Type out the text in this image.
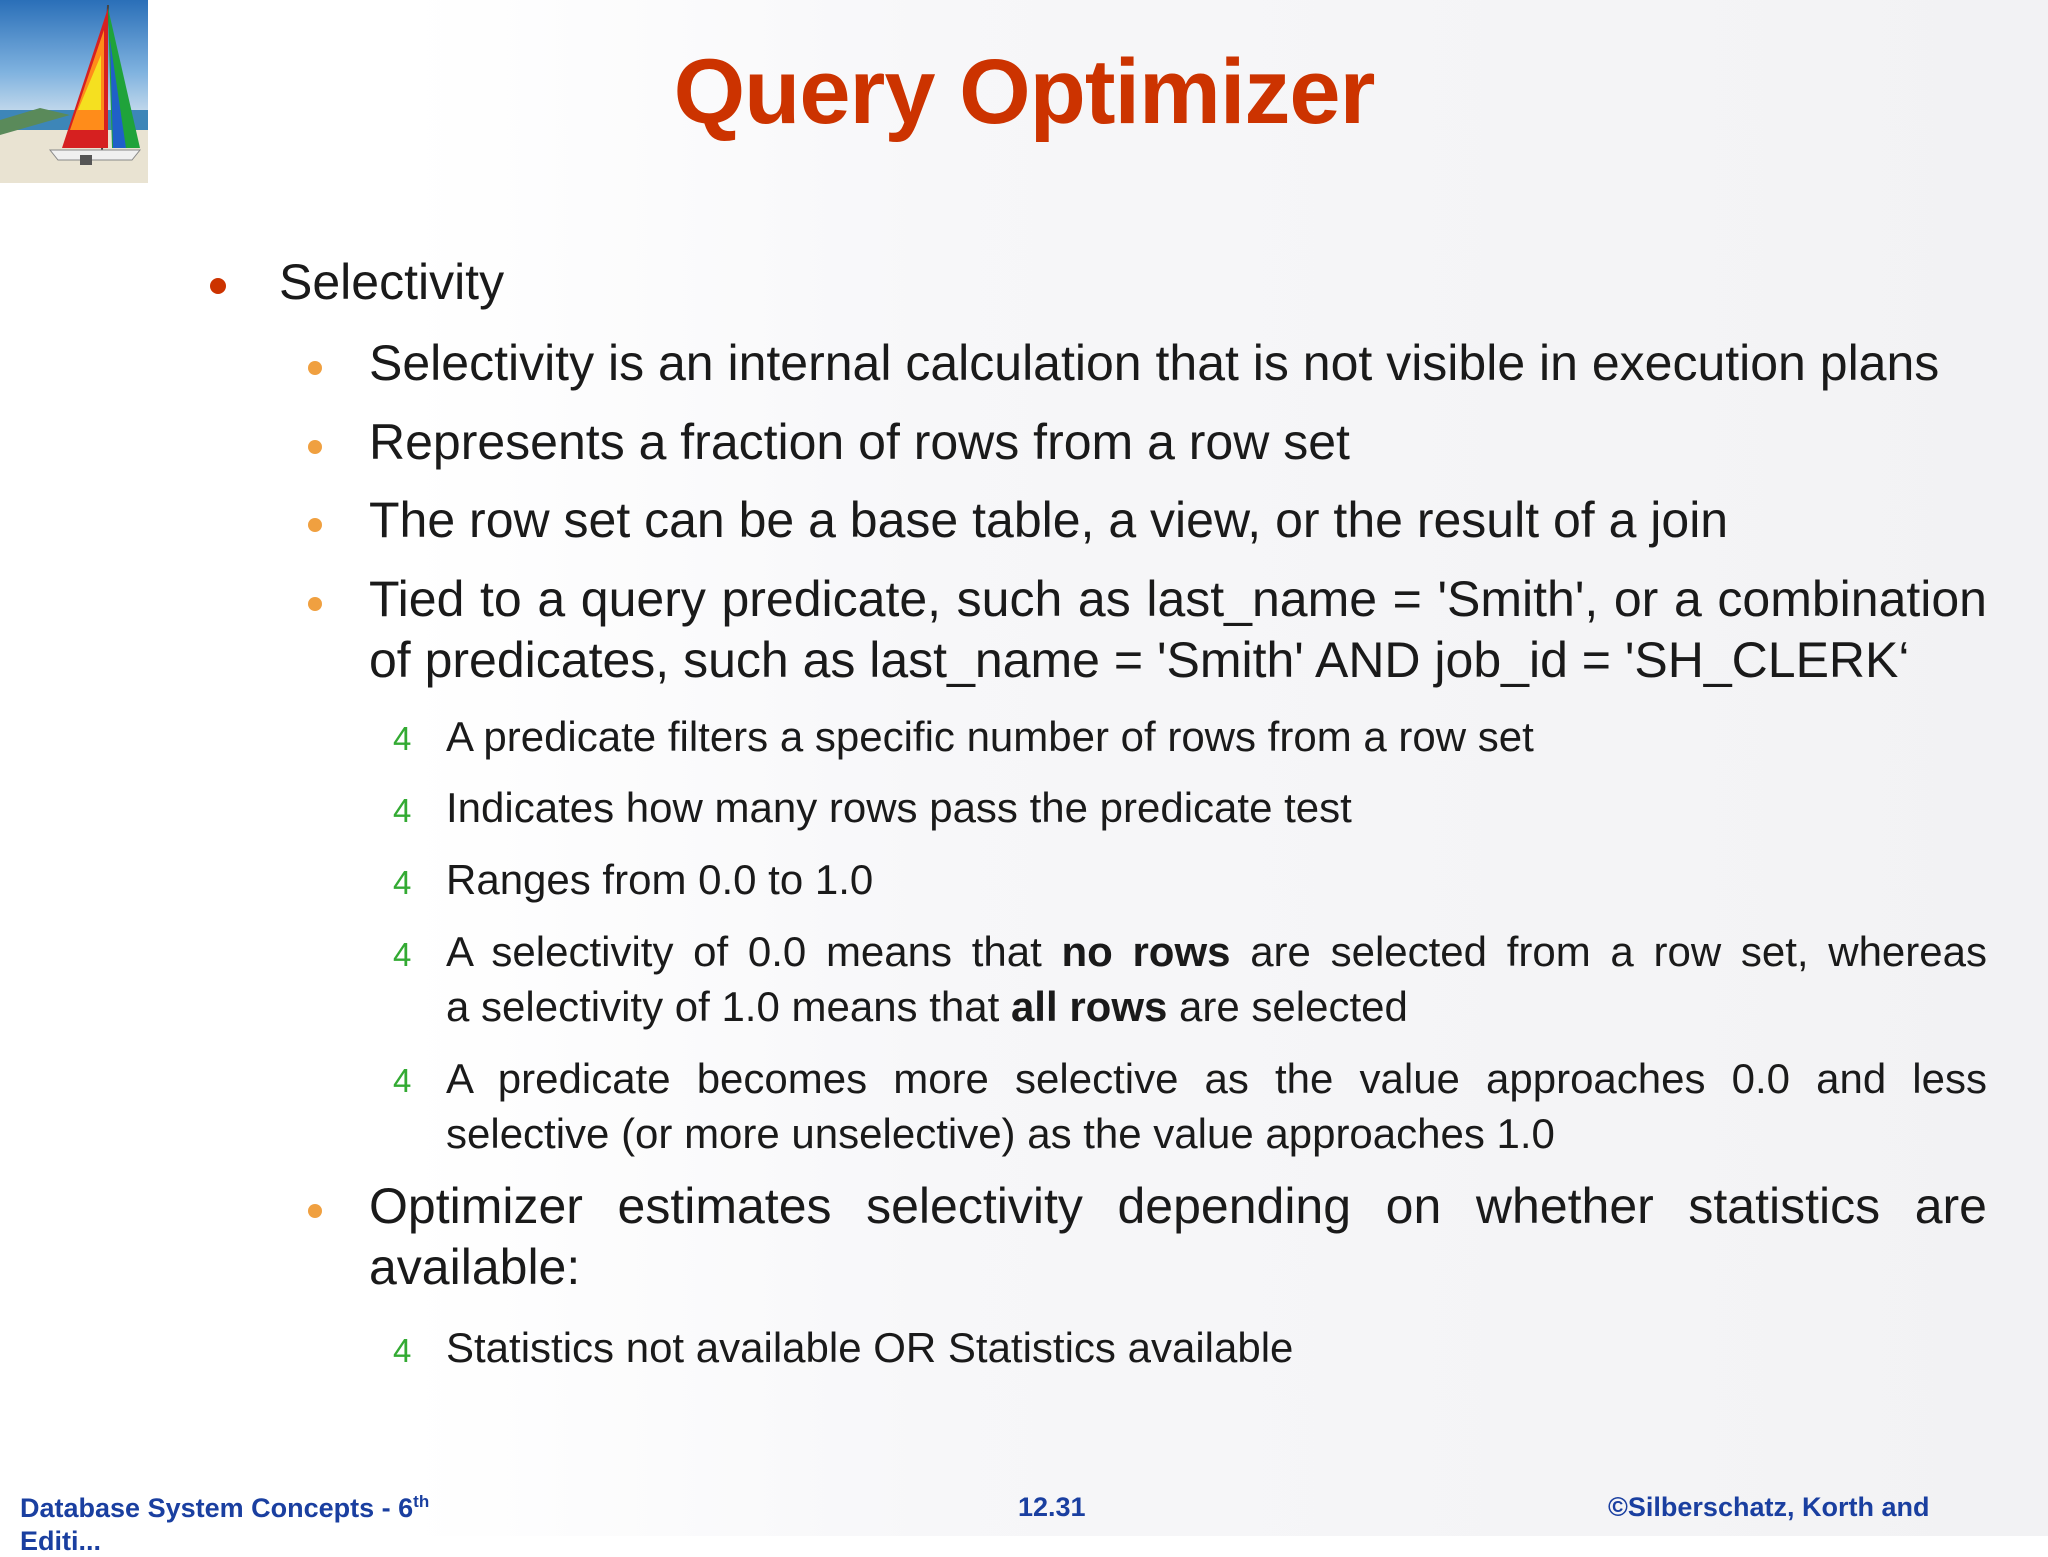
Query Optimizer
Selectivity
Selectivity is an internal calculation that is not visible in execution plans
Represents a fraction of rows from a row set
The row set can be a base table, a view, or the result of a join
Tied to a query predicate, such as last_name = 'Smith', or a combination
of predicates, such as last_name = 'Smith' AND job_id = 'SH_CLERK‘
4 A predicate filters a specific number of rows from a row set
4 Indicates how many rows pass the predicate test
4 Ranges from 0.0 to 1.0
4 A selectivity of 0.0 means that no rows are selected from a row set, whereas
a selectivity of 1.0 means that all rows are selected
4 A predicate becomes more selective as the value approaches 0.0 and less
selective (or more unselective) as the value approaches 1.0
Optimizer estimates selectivity depending on whether statistics are
available:
4 Statistics not available OR Statistics available
Database System Concepts - 6th
Editi...
12.31	©Silberschatz, Korth and
